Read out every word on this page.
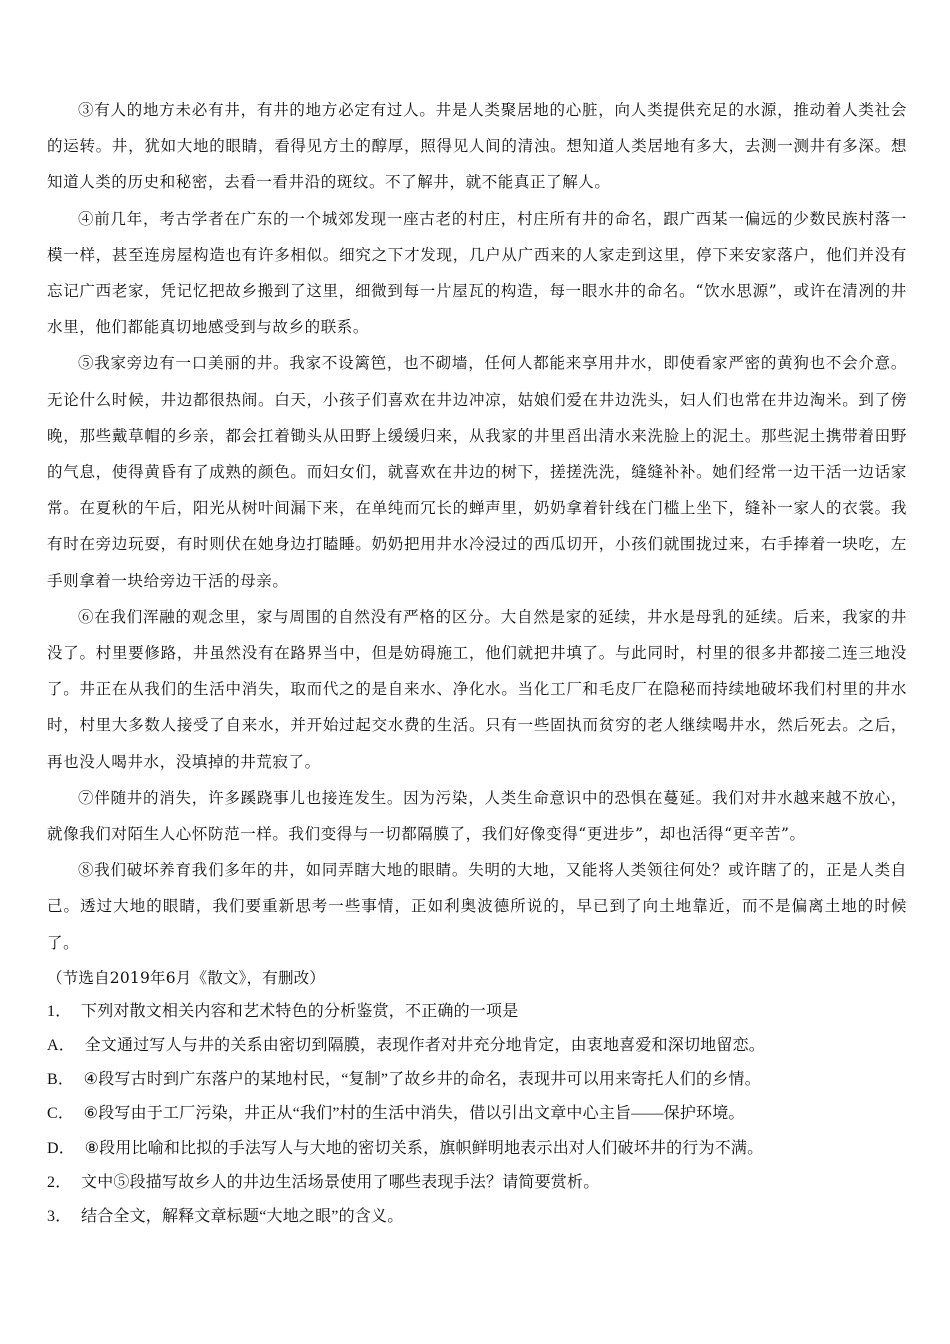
③有人的地方未必有井，有井的地方必定有过人。井是人类聚居地的心脏，向人类提供充足的水源，推动着人类社会的运转。井，犹如大地的眼睛，看得见方土的醇厚，照得见人间的清浊。想知道人类居地有多大，去测一测井有多深。想知道人类的历史和秘密，去看一看井沿的斑纹。不了解井，就不能真正了解人。

④前几年，考古学者在广东的一个城郊发现一座古老的村庄，村庄所有井的命名，跟广西某一偏远的少数民族村落一模一样，甚至连房屋构造也有许多相似。细究之下才发现，几户从广西来的人家走到这里，停下来安家落户，他们并没有忘记广西老家，凭记忆把故乡搬到了这里，细微到每一片屋瓦的构造，每一眼水井的命名。“饮水思源”，或许在清冽的井水里，他们都能真切地感受到与故乡的联系。

⑤我家旁边有一口美丽的井。我家不设篱笆，也不砌墙，任何人都能来享用井水，即使看家严密的黄狗也不会介意。无论什么时候，井边都很热闹。白天，小孩子们喜欢在井边冲凉，姑娘们爱在井边洗头，妇人们也常在井边淘米。到了傍晚，那些戴草帽的乡亲，都会扛着锄头从田野上缓缓归来，从我家的井里舀出清水来洗脸上的泥土。那些泥土携带着田野的气息，使得黄昏有了成熟的颜色。而妇女们，就喜欢在井边的树下，搓搓洗洗，缝缝补补。她们经常一边干活一边话家常。在夏秋的午后，阳光从树叶间漏下来，在单纯而冗长的蝉声里，奶奶拿着针线在门槛上坐下，缝补一家人的衣裳。我有时在旁边玩耍，有时则伏在她身边打瞌睡。奶奶把用井水冷浸过的西瓜切开，小孩们就围拢过来，右手捧着一块吃，左手则拿着一块给旁边干活的母亲。

⑥在我们浑融的观念里，家与周围的自然没有严格的区分。大自然是家的延续，井水是母乳的延续。后来，我家的井没了。村里要修路，井虽然没有在路界当中，但是妨碍施工，他们就把井填了。与此同时，村里的很多井都接二连三地没了。井正在从我们的生活中消失，取而代之的是自来水、净化水。当化工厂和毛皮厂在隐秘而持续地破坏我们村里的井水时，村里大多数人接受了自来水，并开始过起交水费的生活。只有一些固执而贫穷的老人继续喝井水，然后死去。之后，再也没人喝井水，没填掉的井荒寂了。

⑦伴随井的消失，许多蹊跷事儿也接连发生。因为污染，人类生命意识中的恐惧在蔓延。我们对井水越来越不放心，就像我们对陌生人心怀防范一样。我们变得与一切都隔膜了，我们好像变得“更进步”，却也活得“更辛苦”。

⑧我们破坏养育我们多年的井，如同弄瞎大地的眼睛。失明的大地，又能将人类领往何处？或许瞎了的，正是人类自己。透过大地的眼睛，我们要重新思考一些事情，正如利奥波德所说的，早已到了向土地靠近，而不是偏离土地的时候了。

（节选自2019年6月《散文》，有删改）

1． 下列对散文相关内容和艺术特色的分析鉴赏，不正确的一项是

A． 全文通过写人与井的关系由密切到隔膜，表现作者对井充分地肯定，由衷地喜爱和深切地留恋。

B． ④段写古时到广东落户的某地村民，“复制”了故乡井的命名，表现井可以用来寄托人们的乡情。

C． ⑥段写由于工厂污染，井正从“我们”村的生活中消失，借以引出文章中心主旨——保护环境。

D． ⑧段用比喻和比拟的手法写人与大地的密切关系，旗帜鲜明地表示出对人们破坏井的行为不满。

2． 文中⑤段描写故乡人的井边生活场景使用了哪些表现手法？请简要赏析。

3． 结合全文，解释文章标题“大地之眼”的含义。
